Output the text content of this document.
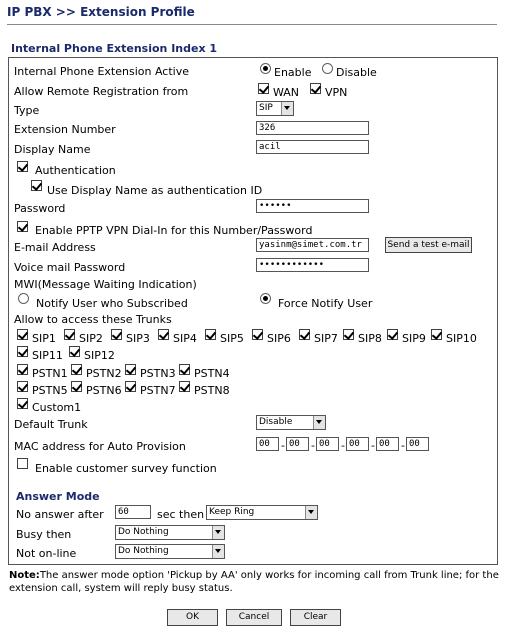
IP PBX >> Extension Profile
Internal Phone Extension Index 1
Internal Phone Extension Active	Enable Disable
Allow Remote Registration from	WAN VPN
Type	SIP
Extension Number	326
Display Name	acil
Authentication
Use Display Name as authentication ID
Password	••••••
Enable PPTP VPN Dial-In for this Number/Password
E-mail Address	yasinm@simet.com.tr	Send a test e-mail
Voice mail Password	••••••••••••
MWI(Message Waiting Indication)
Notify User who Subscribed	Force Notify User
Allow to access these Trunks
SIP1 SIP2 SIP3 SIP4 SIP5 SIP6 SIP7 SIP8 SIP9 SIP10
SIP11 SIP12
PSTN1 PSTN2 PSTN3 PSTN4
PSTN5 PSTN6 PSTN7 PSTN8
Custom1
Default Trunk	Disable
MAC address for Auto Provision	00	- 00	- 00	- 00	- 00	- 00
Enable customer survey function
Answer Mode
No answer after	60	sec then Keep Ring
Busy then	Do Nothing
Not on-line	Do Nothing
Note:The answer mode option 'Pickup by AA' only works for incoming call from Trunk line; for the extension call, system will reply busy status.
OK	Cancel	Clear
